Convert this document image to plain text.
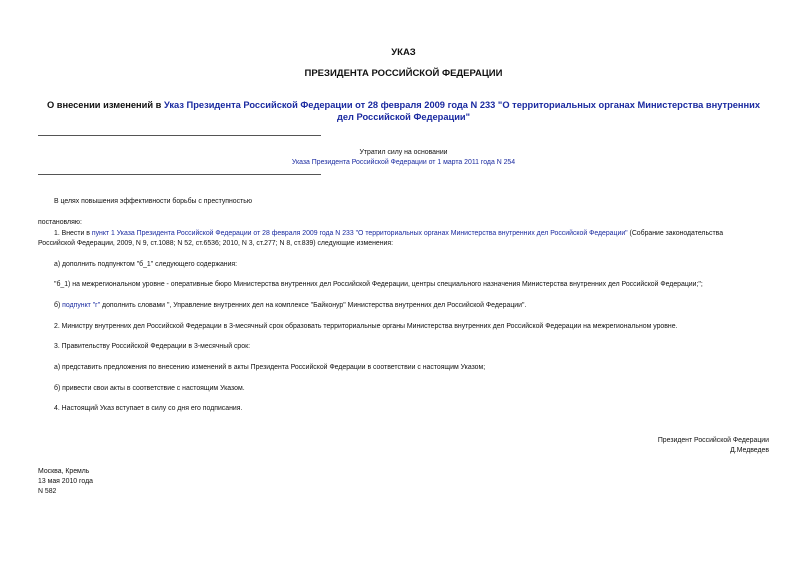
УКАЗ
ПРЕЗИДЕНТА РОССИЙСКОЙ ФЕДЕРАЦИИ
О внесении изменений в Указ Президента Российской Федерации от 28 февраля 2009 года N 233 "О территориальных органах Министерства внутренних дел Российской Федерации"
Утратил силу на основании
Указа Президента Российской Федерации от 1 марта 2011 года N 254
В целях повышения эффективности борьбы с преступностью
постановляю:
1. Внести в пункт 1 Указа Президента Российской Федерации от 28 февраля 2009 года N 233 "О территориальных органах Министерства внутренних дел Российской Федерации" (Собрание законодательства
Российской Федерации, 2009, N 9, ст.1088; N 52, ст.6536; 2010, N 3, ст.277; N 8, ст.839) следующие изменения:
а) дополнить подпунктом "б_1" следующего содержания:
"б_1) на межрегиональном уровне - оперативные бюро Министерства внутренних дел Российской Федерации, центры специального назначения Министерства внутренних дел Российской Федерации;";
б) подпункт "г" дополнить словами ", Управление внутренних дел на комплексе "Байконур" Министерства внутренних дел Российской Федерации".
2. Министру внутренних дел Российской Федерации в 3-месячный срок образовать территориальные органы Министерства внутренних дел Российской Федерации на межрегиональном уровне.
3. Правительству Российской Федерации в 3-месячный срок:
а) представить предложения по внесению изменений в акты Президента Российской Федерации в соответствии с настоящим Указом;
б) привести свои акты в соответствие с настоящим Указом.
4. Настоящий Указ вступает в силу со дня его подписания.
Президент Российской Федерации
Д.Медведев
Москва, Кремль
13 мая 2010 года
N 582
